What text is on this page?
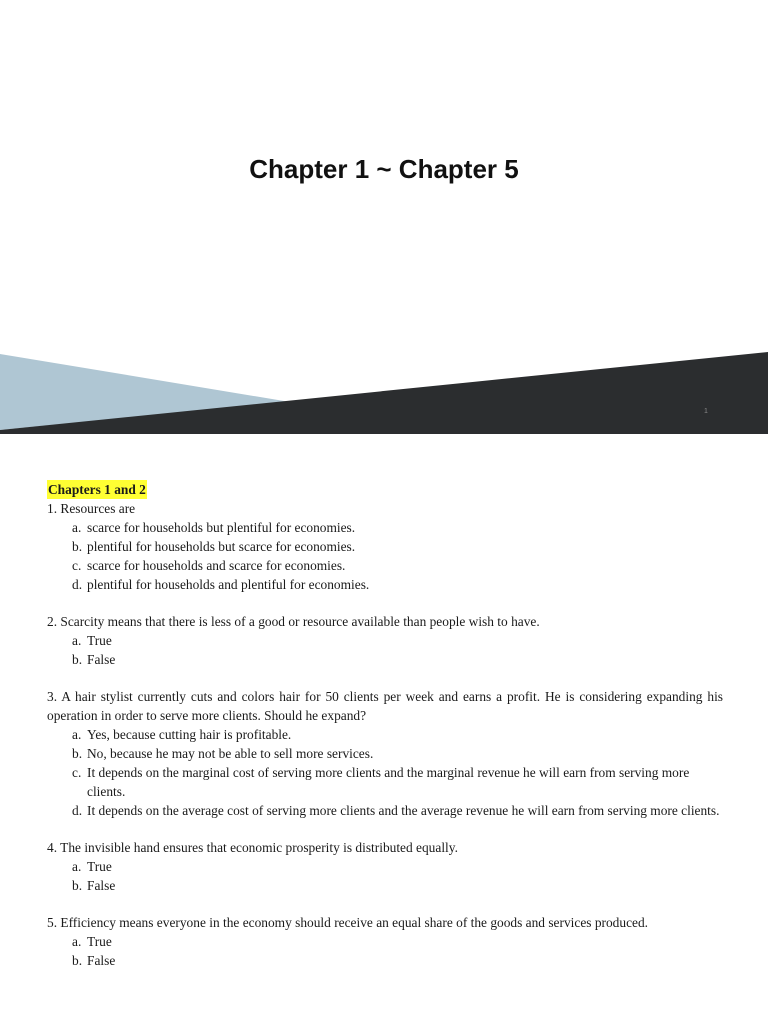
Chapter 1 ~ Chapter 5
1
Chapters 1 and 2
1. Resources are
a. scarce for households but plentiful for economies.
b. plentiful for households but scarce for economies.
c. scarce for households and scarce for economies.
d. plentiful for households and plentiful for economies.
2. Scarcity means that there is less of a good or resource available than people wish to have.
a. True
b. False
3. A hair stylist currently cuts and colors hair for 50 clients per week and earns a profit. He is considering expanding his operation in order to serve more clients. Should he expand?
a. Yes, because cutting hair is profitable.
b. No, because he may not be able to sell more services.
c. It depends on the marginal cost of serving more clients and the marginal revenue he will earn from serving more clients.
d. It depends on the average cost of serving more clients and the average revenue he will earn from serving more clients.
4. The invisible hand ensures that economic prosperity is distributed equally.
a. True
b. False
5. Efficiency means everyone in the economy should receive an equal share of the goods and services produced.
a. True
b. False
